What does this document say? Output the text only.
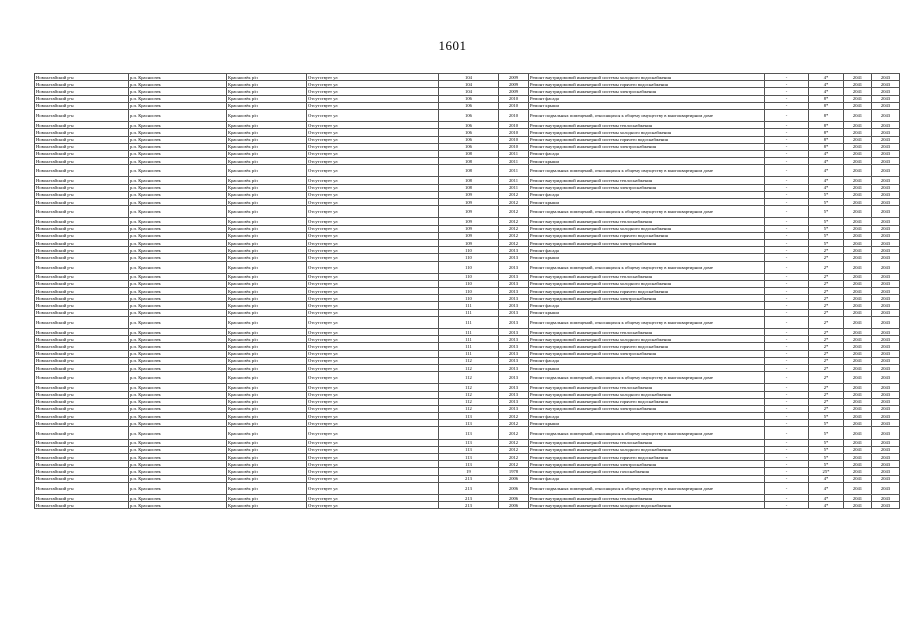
1601
Новоалтайский р-н	р.п. Красноозек	Красноозёк р/п	Отсутствует ул	104	2009	Ремонт внутридомовой инженерной системы холодного водоснабжения	-	4*	2041	2043
Новоалтайский р-н	р.п. Красноозек	Красноозёк р/п	Отсутствует ул	104	2009	Ремонт внутридомовой инженерной системы горячего водоснабжения	-	4*	2041	2043
Новоалтайский р-н	р.п. Красноозек	Красноозёк р/п	Отсутствует ул	104	2009	Ремонт внутридомовой инженерной системы электроснабжения	-	4*	2041	2043
Новоалтайский р-н	р.п. Красноозек	Красноозёк р/п	Отсутствует ул	106	2010	Ремонт фасада	-	8*	2041	2043
Новоалтайский р-н	р.п. Красноозек	Красноозёк р/п	Отсутствует ул	106	2010	Ремонт крыши	-	8*	2041	2043
Новоалтайский р-н	р.п. Красноозек	Красноозёк р/п	Отсутствует ул	106	2010	Ремонт подвальных помещений, относящихся к общему имуществу в многоквартирном доме	-	8*	2041	2043
Новоалтайский р-н	р.п. Красноозек	Красноозёк р/п	Отсутствует ул	106	2010	Ремонт внутридомовой инженерной системы теплоснабжения	-	8*	2041	2043
Новоалтайский р-н	р.п. Красноозек	Красноозёк р/п	Отсутствует ул	106	2010	Ремонт внутридомовой инженерной системы холодного водоснабжения	-	8*	2041	2043
Новоалтайский р-н	р.п. Красноозек	Красноозёк р/п	Отсутствует ул	106	2010	Ремонт внутридомовой инженерной системы горячего водоснабжения	-	8*	2041	2043
Новоалтайский р-н	р.п. Красноозек	Красноозёк р/п	Отсутствует ул	106	2010	Ремонт внутридомовой инженерной системы электроснабжения	-	8*	2041	2043
Новоалтайский р-н	р.п. Красноозек	Красноозёк р/п	Отсутствует ул	108	2011	Ремонт фасада	-	4*	2041	2043
Новоалтайский р-н	р.п. Красноозек	Красноозёк р/п	Отсутствует ул	108	2011	Ремонт крыши	-	4*	2041	2043
Новоалтайский р-н	р.п. Красноозек	Красноозёк р/п	Отсутствует ул	108	2011	Ремонт подвальных помещений, относящихся к общему имуществу в многоквартирном доме	-	4*	2041	2043
Новоалтайский р-н	р.п. Красноозек	Красноозёк р/п	Отсутствует ул	108	2011	Ремонт внутридомовой инженерной системы теплоснабжения	-	4*	2041	2043
Новоалтайский р-н	р.п. Красноозек	Красноозёк р/п	Отсутствует ул	108	2011	Ремонт внутридомовой инженерной системы электроснабжения	-	4*	2041	2043
Новоалтайский р-н	р.п. Красноозек	Красноозёк р/п	Отсутствует ул	109	2012	Ремонт фасада	-	5*	2041	2043
Новоалтайский р-н	р.п. Красноозек	Красноозёк р/п	Отсутствует ул	109	2012	Ремонт крыши	-	5*	2041	2043
Новоалтайский р-н	р.п. Красноозек	Красноозёк р/п	Отсутствует ул	109	2012	Ремонт подвальных помещений, относящихся к общему имуществу в многоквартирном доме	-	5*	2041	2043
Новоалтайский р-н	р.п. Красноозек	Красноозёк р/п	Отсутствует ул	109	2012	Ремонт внутридомовой инженерной системы теплоснабжения	-	5*	2041	2043
Новоалтайский р-н	р.п. Красноозек	Красноозёк р/п	Отсутствует ул	109	2012	Ремонт внутридомовой инженерной системы холодного водоснабжения	-	5*	2041	2043
Новоалтайский р-н	р.п. Красноозек	Красноозёк р/п	Отсутствует ул	109	2012	Ремонт внутридомовой инженерной системы горячего водоснабжения	-	5*	2041	2043
Новоалтайский р-н	р.п. Красноозек	Красноозёк р/п	Отсутствует ул	109	2012	Ремонт внутридомовой инженерной системы электроснабжения	-	5*	2041	2043
Новоалтайский р-н	р.п. Красноозек	Красноозёк р/п	Отсутствует ул	110	2013	Ремонт фасада	-	2*	2041	2043
Новоалтайский р-н	р.п. Красноозек	Красноозёк р/п	Отсутствует ул	110	2013	Ремонт крыши	-	2*	2041	2043
Новоалтайский р-н	р.п. Красноозек	Красноозёк р/п	Отсутствует ул	110	2013	Ремонт подвальных помещений, относящихся к общему имуществу в многоквартирном доме	-	2*	2041	2043
Новоалтайский р-н	р.п. Красноозек	Красноозёк р/п	Отсутствует ул	110	2013	Ремонт внутридомовой инженерной системы теплоснабжения	-	2*	2041	2043
Новоалтайский р-н	р.п. Красноозек	Красноозёк р/п	Отсутствует ул	110	2013	Ремонт внутридомовой инженерной системы холодного водоснабжения	-	2*	2041	2043
Новоалтайский р-н	р.п. Красноозек	Красноозёк р/п	Отсутствует ул	110	2013	Ремонт внутридомовой инженерной системы горячего водоснабжения	-	2*	2041	2043
Новоалтайский р-н	р.п. Красноозек	Красноозёк р/п	Отсутствует ул	110	2013	Ремонт внутридомовой инженерной системы электроснабжения	-	2*	2041	2043
Новоалтайский р-н	р.п. Красноозек	Красноозёк р/п	Отсутствует ул	111	2013	Ремонт фасада	-	2*	2041	2043
Новоалтайский р-н	р.п. Красноозек	Красноозёк р/п	Отсутствует ул	111	2013	Ремонт крыши	-	2*	2041	2043
Новоалтайский р-н	р.п. Красноозек	Красноозёк р/п	Отсутствует ул	111	2013	Ремонт подвальных помещений, относящихся к общему имуществу в многоквартирном доме	-	2*	2041	2043
Новоалтайский р-н	р.п. Красноозек	Красноозёк р/п	Отсутствует ул	111	2013	Ремонт внутридомовой инженерной системы теплоснабжения	-	2*	2041	2043
Новоалтайский р-н	р.п. Красноозек	Красноозёк р/п	Отсутствует ул	111	2013	Ремонт внутридомовой инженерной системы холодного водоснабжения	-	2*	2041	2043
Новоалтайский р-н	р.п. Красноозек	Красноозёк р/п	Отсутствует ул	111	2013	Ремонт внутридомовой инженерной системы горячего водоснабжения	-	2*	2041	2043
Новоалтайский р-н	р.п. Красноозек	Красноозёк р/п	Отсутствует ул	111	2013	Ремонт внутридомовой инженерной системы электроснабжения	-	2*	2041	2043
Новоалтайский р-н	р.п. Красноозек	Красноозёк р/п	Отсутствует ул	112	2013	Ремонт фасада	-	2*	2041	2043
Новоалтайский р-н	р.п. Красноозек	Красноозёк р/п	Отсутствует ул	112	2013	Ремонт крыши	-	2*	2041	2043
Новоалтайский р-н	р.п. Красноозек	Красноозёк р/п	Отсутствует ул	112	2013	Ремонт подвальных помещений, относящихся к общему имуществу в многоквартирном доме	-	2*	2041	2043
Новоалтайский р-н	р.п. Красноозек	Красноозёк р/п	Отсутствует ул	112	2013	Ремонт внутридомовой инженерной системы теплоснабжения	-	2*	2041	2043
Новоалтайский р-н	р.п. Красноозек	Красноозёк р/п	Отсутствует ул	112	2013	Ремонт внутридомовой инженерной системы холодного водоснабжения	-	2*	2041	2043
Новоалтайский р-н	р.п. Красноозек	Красноозёк р/п	Отсутствует ул	112	2013	Ремонт внутридомовой инженерной системы горячего водоснабжения	-	2*	2041	2043
Новоалтайский р-н	р.п. Красноозек	Красноозёк р/п	Отсутствует ул	112	2013	Ремонт внутридомовой инженерной системы электроснабжения	-	2*	2041	2043
Новоалтайский р-н	р.п. Красноозек	Красноозёк р/п	Отсутствует ул	113	2012	Ремонт фасада	-	5*	2041	2043
Новоалтайский р-н	р.п. Красноозек	Красноозёк р/п	Отсутствует ул	113	2012	Ремонт крыши	-	5*	2041	2043
Новоалтайский р-н	р.п. Красноозек	Красноозёк р/п	Отсутствует ул	113	2012	Ремонт подвальных помещений, относящихся к общему имуществу в многоквартирном доме	-	5*	2041	2043
Новоалтайский р-н	р.п. Красноозек	Красноозёк р/п	Отсутствует ул	113	2012	Ремонт внутридомовой инженерной системы теплоснабжения	-	5*	2041	2043
Новоалтайский р-н	р.п. Красноозек	Красноозёк р/п	Отсутствует ул	113	2012	Ремонт внутридомовой инженерной системы холодного водоснабжения	-	5*	2041	2043
Новоалтайский р-н	р.п. Красноозек	Красноозёк р/п	Отсутствует ул	113	2012	Ремонт внутридомовой инженерной системы горячего водоснабжения	-	5*	2041	2043
Новоалтайский р-н	р.п. Красноозек	Красноозёк р/п	Отсутствует ул	113	2012	Ремонт внутридомовой инженерной системы электроснабжения	-	5*	2041	2043
Новоалтайский р-н	р.п. Красноозек	Красноозёк р/п	Отсутствует ул	19	1978	Ремонт внутридомовой инженерной системы газоснабжения	-	25*	2041	2043
Новоалтайский р-н	р.п. Красноозек	Красноозёк р/п	Отсутствует ул	213	2006	Ремонт фасада	-	4*	2041	2043
Новоалтайский р-н	р.п. Красноозек	Красноозёк р/п	Отсутствует ул	213	2006	Ремонт подвальных помещений, относящихся к общему имуществу в многоквартирном доме	-	4*	2041	2043
Новоалтайский р-н	р.п. Красноозек	Красноозёк р/п	Отсутствует ул	213	2006	Ремонт внутридомовой инженерной системы теплоснабжения	-	4*	2041	2043
Новоалтайский р-н	р.п. Красноозек	Красноозёк р/п	Отсутствует ул	213	2006	Ремонт внутридомовой инженерной системы холодного водоснабжения	-	4*	2041	2043
